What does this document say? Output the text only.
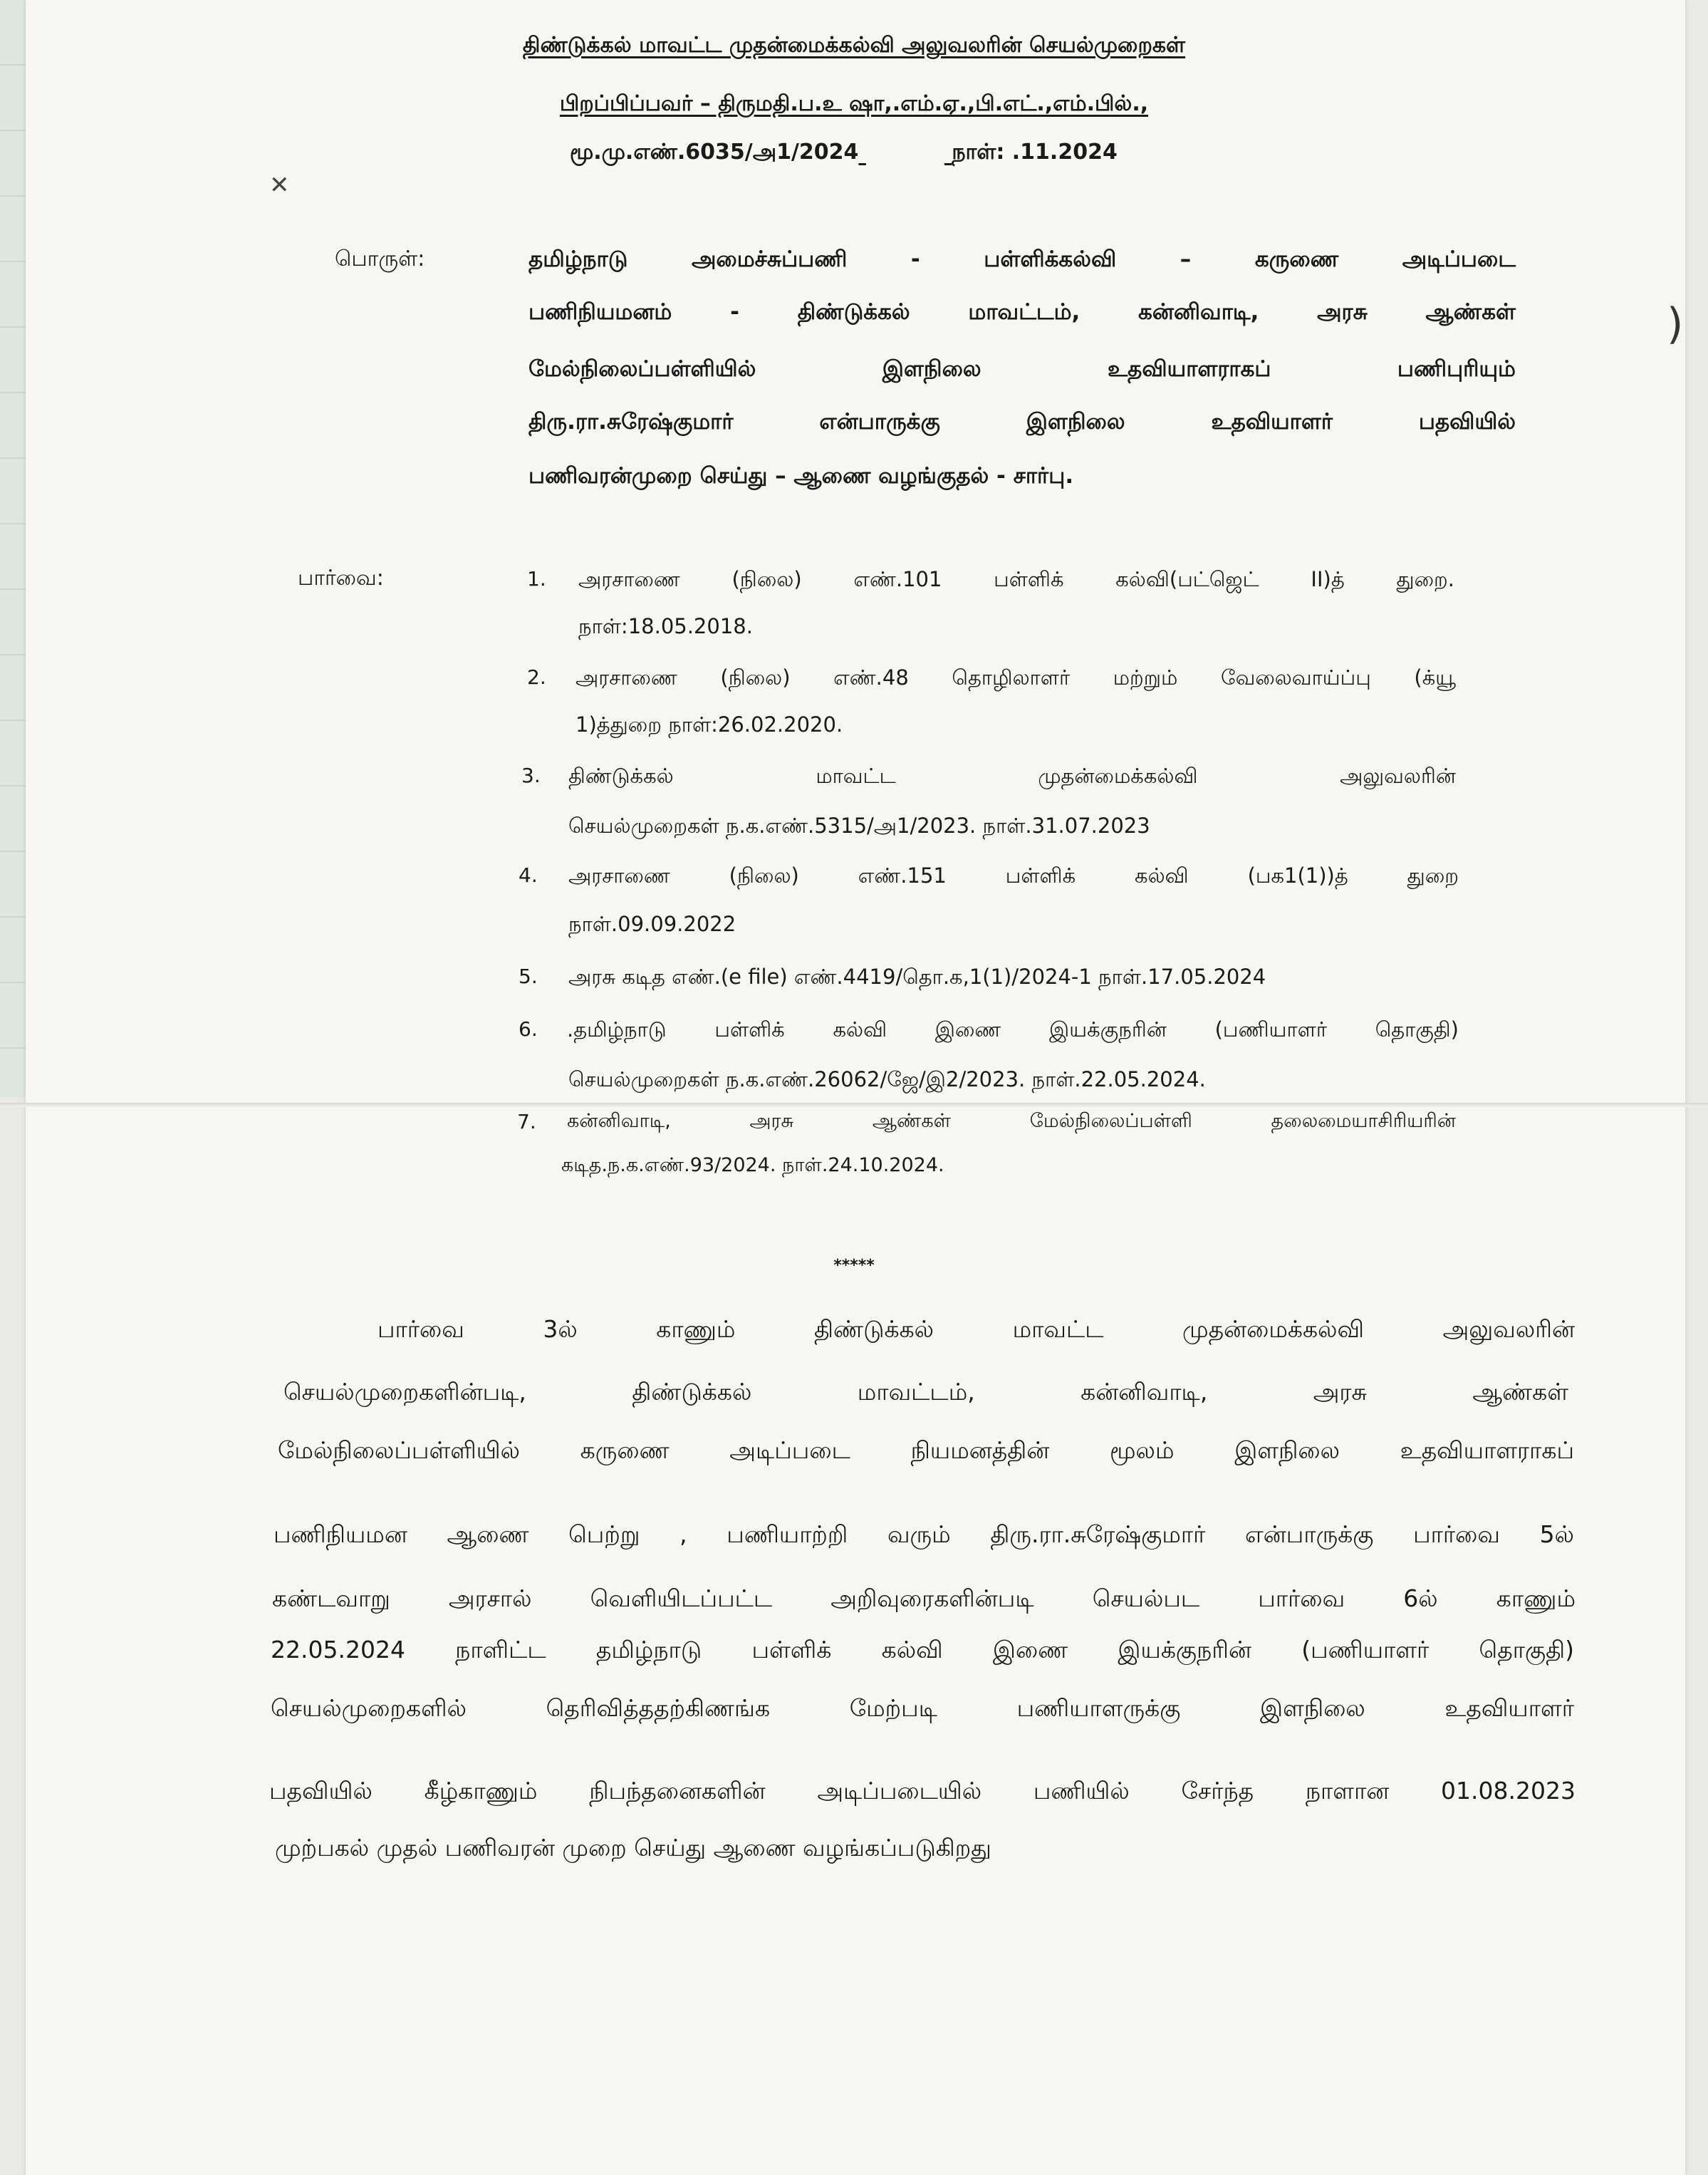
✕
)
திண்டுக்கல் மாவட்ட முதன்மைக்கல்வி அலுவலரின் செயல்முறைகள்
பிறப்பிப்பவர் – திருமதி.ப.உ ஷா,.எம்.ஏ.,பி.எட்.,எம்.பில்.,
மூ.மு.எண்.6035/அ1/2024	நாள்: .11.2024
பொருள்:	தமிழ்நாடு அமைச்சுப்பணி - பள்ளிக்கல்வி – கருணை அடிப்படை
பணிநியமனம் - திண்டுக்கல் மாவட்டம், கன்னிவாடி, அரசு ஆண்கள்
மேல்நிலைப்பள்ளியில் இளநிலை உதவியாளராகப் பணிபுரியும்
திரு.ரா.சுரேஷ்குமார் என்பாருக்கு இளநிலை உதவியாளர் பதவியில்
பணிவரன்முறை செய்து – ஆணை வழங்குதல் - சார்பு.
பார்வை:	1.	அரசாணை (நிலை) எண்.101 பள்ளிக் கல்வி(பட்ஜெட் II)த் துறை.
நாள்:18.05.2018.
2.	அரசாணை (நிலை) எண்.48 தொழிலாளர் மற்றும் வேலைவாய்ப்பு (க்யூ
1)த்துறை நாள்:26.02.2020.
3.	திண்டுக்கல் மாவட்ட முதன்மைக்கல்வி அலுவலரின்
செயல்முறைகள் ந.க.எண்.5315/அ1/2023. நாள்.31.07.2023
4.	அரசாணை (நிலை) எண்.151 பள்ளிக் கல்வி (பக1(1))த் துறை
நாள்.09.09.2022
5.	அரசு கடித எண்.(e file) எண்.4419/தொ.க,1(1)/2024-1 நாள்.17.05.2024
6.	.தமிழ்நாடு பள்ளிக் கல்வி இணை இயக்குநரின் (பணியாளர் தொகுதி)
செயல்முறைகள் ந.க.எண்.26062/ஜே/இ2/2023. நாள்.22.05.2024.
7.	கன்னிவாடி, அரசு ஆண்கள் மேல்நிலைப்பள்ளி தலைமையாசிரியரின்
கடித.ந.க.எண்.93/2024. நாள்.24.10.2024.
*****
பார்வை 3ல் காணும் திண்டுக்கல் மாவட்ட முதன்மைக்கல்வி அலுவலரின்
செயல்முறைகளின்படி, திண்டுக்கல் மாவட்டம், கன்னிவாடி, அரசு ஆண்கள்
மேல்நிலைப்பள்ளியில் கருணை அடிப்படை நியமனத்தின் மூலம் இளநிலை உதவியாளராகப்
பணிநியமன ஆணை பெற்று , பணியாற்றி வரும் திரு.ரா.சுரேஷ்குமார் என்பாருக்கு பார்வை 5ல்
கண்டவாறு அரசால் வெளியிடப்பட்ட அறிவுரைகளின்படி செயல்பட பார்வை 6ல் காணும்
22.05.2024 நாளிட்ட தமிழ்நாடு பள்ளிக் கல்வி இணை இயக்குநரின் (பணியாளர் தொகுதி)
செயல்முறைகளில் தெரிவித்ததற்கிணங்க மேற்படி பணியாளருக்கு இளநிலை உதவியாளர்
பதவியில் கீழ்காணும் நிபந்தனைகளின் அடிப்படையில் பணியில் சேர்ந்த நாளான 01.08.2023
முற்பகல் முதல் பணிவரன் முறை செய்து ஆணை வழங்கப்படுகிறது
